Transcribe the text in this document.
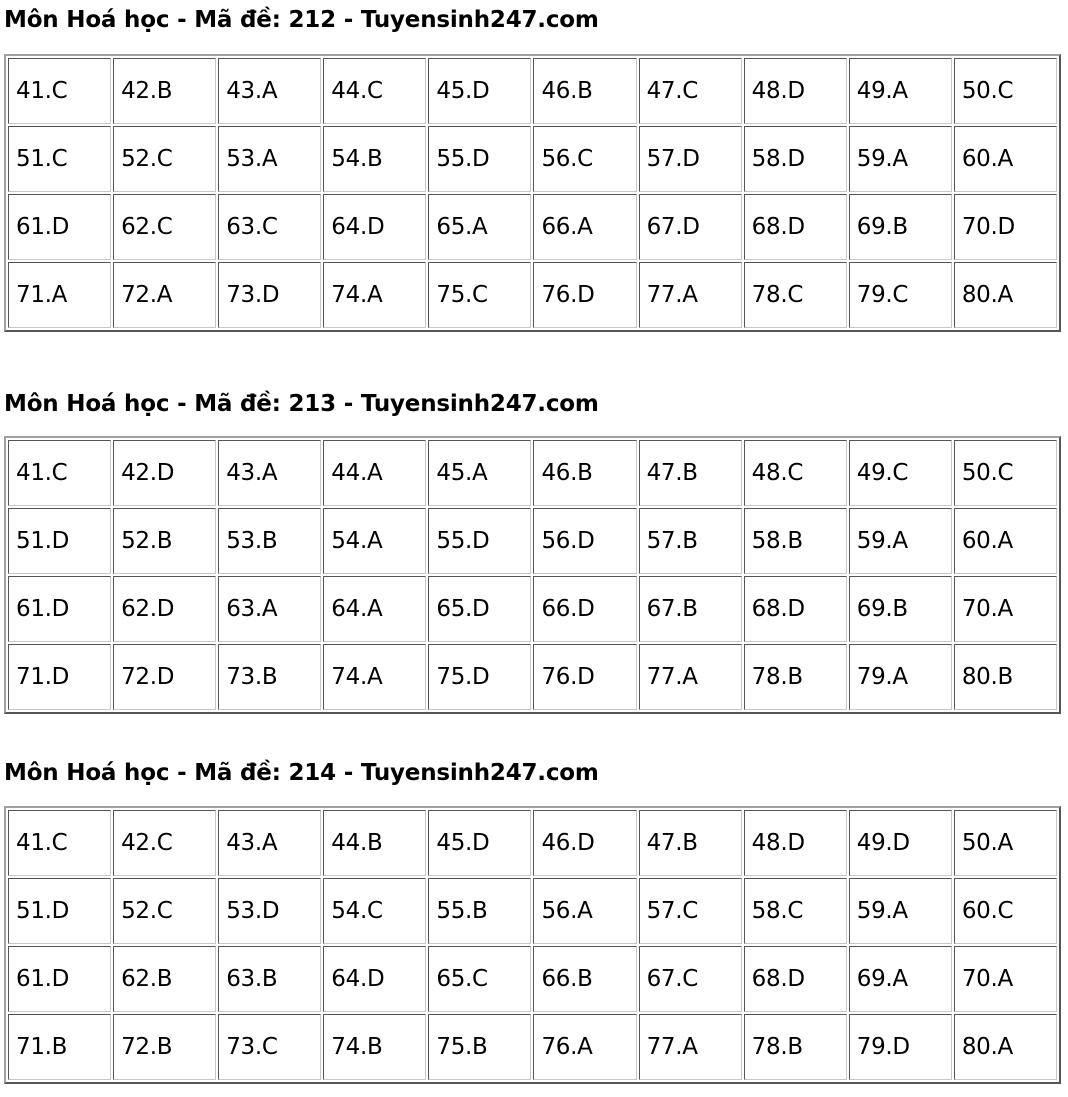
Môn Hoá học - Mã đề: 212 - Tuyensinh247.com
41.C	42.B	43.A	44.C	45.D	46.B	47.C	48.D	49.A	50.C
51.C	52.C	53.A	54.B	55.D	56.C	57.D	58.D	59.A	60.A
61.D	62.C	63.C	64.D	65.A	66.A	67.D	68.D	69.B	70.D
71.A	72.A	73.D	74.A	75.C	76.D	77.A	78.C	79.C	80.A
Môn Hoá học - Mã đề: 213 - Tuyensinh247.com
41.C	42.D	43.A	44.A	45.A	46.B	47.B	48.C	49.C	50.C
51.D	52.B	53.B	54.A	55.D	56.D	57.B	58.B	59.A	60.A
61.D	62.D	63.A	64.A	65.D	66.D	67.B	68.D	69.B	70.A
71.D	72.D	73.B	74.A	75.D	76.D	77.A	78.B	79.A	80.B
Môn Hoá học - Mã đề: 214 - Tuyensinh247.com
41.C	42.C	43.A	44.B	45.D	46.D	47.B	48.D	49.D	50.A
51.D	52.C	53.D	54.C	55.B	56.A	57.C	58.C	59.A	60.C
61.D	62.B	63.B	64.D	65.C	66.B	67.C	68.D	69.A	70.A
71.B	72.B	73.C	74.B	75.B	76.A	77.A	78.B	79.D	80.A
